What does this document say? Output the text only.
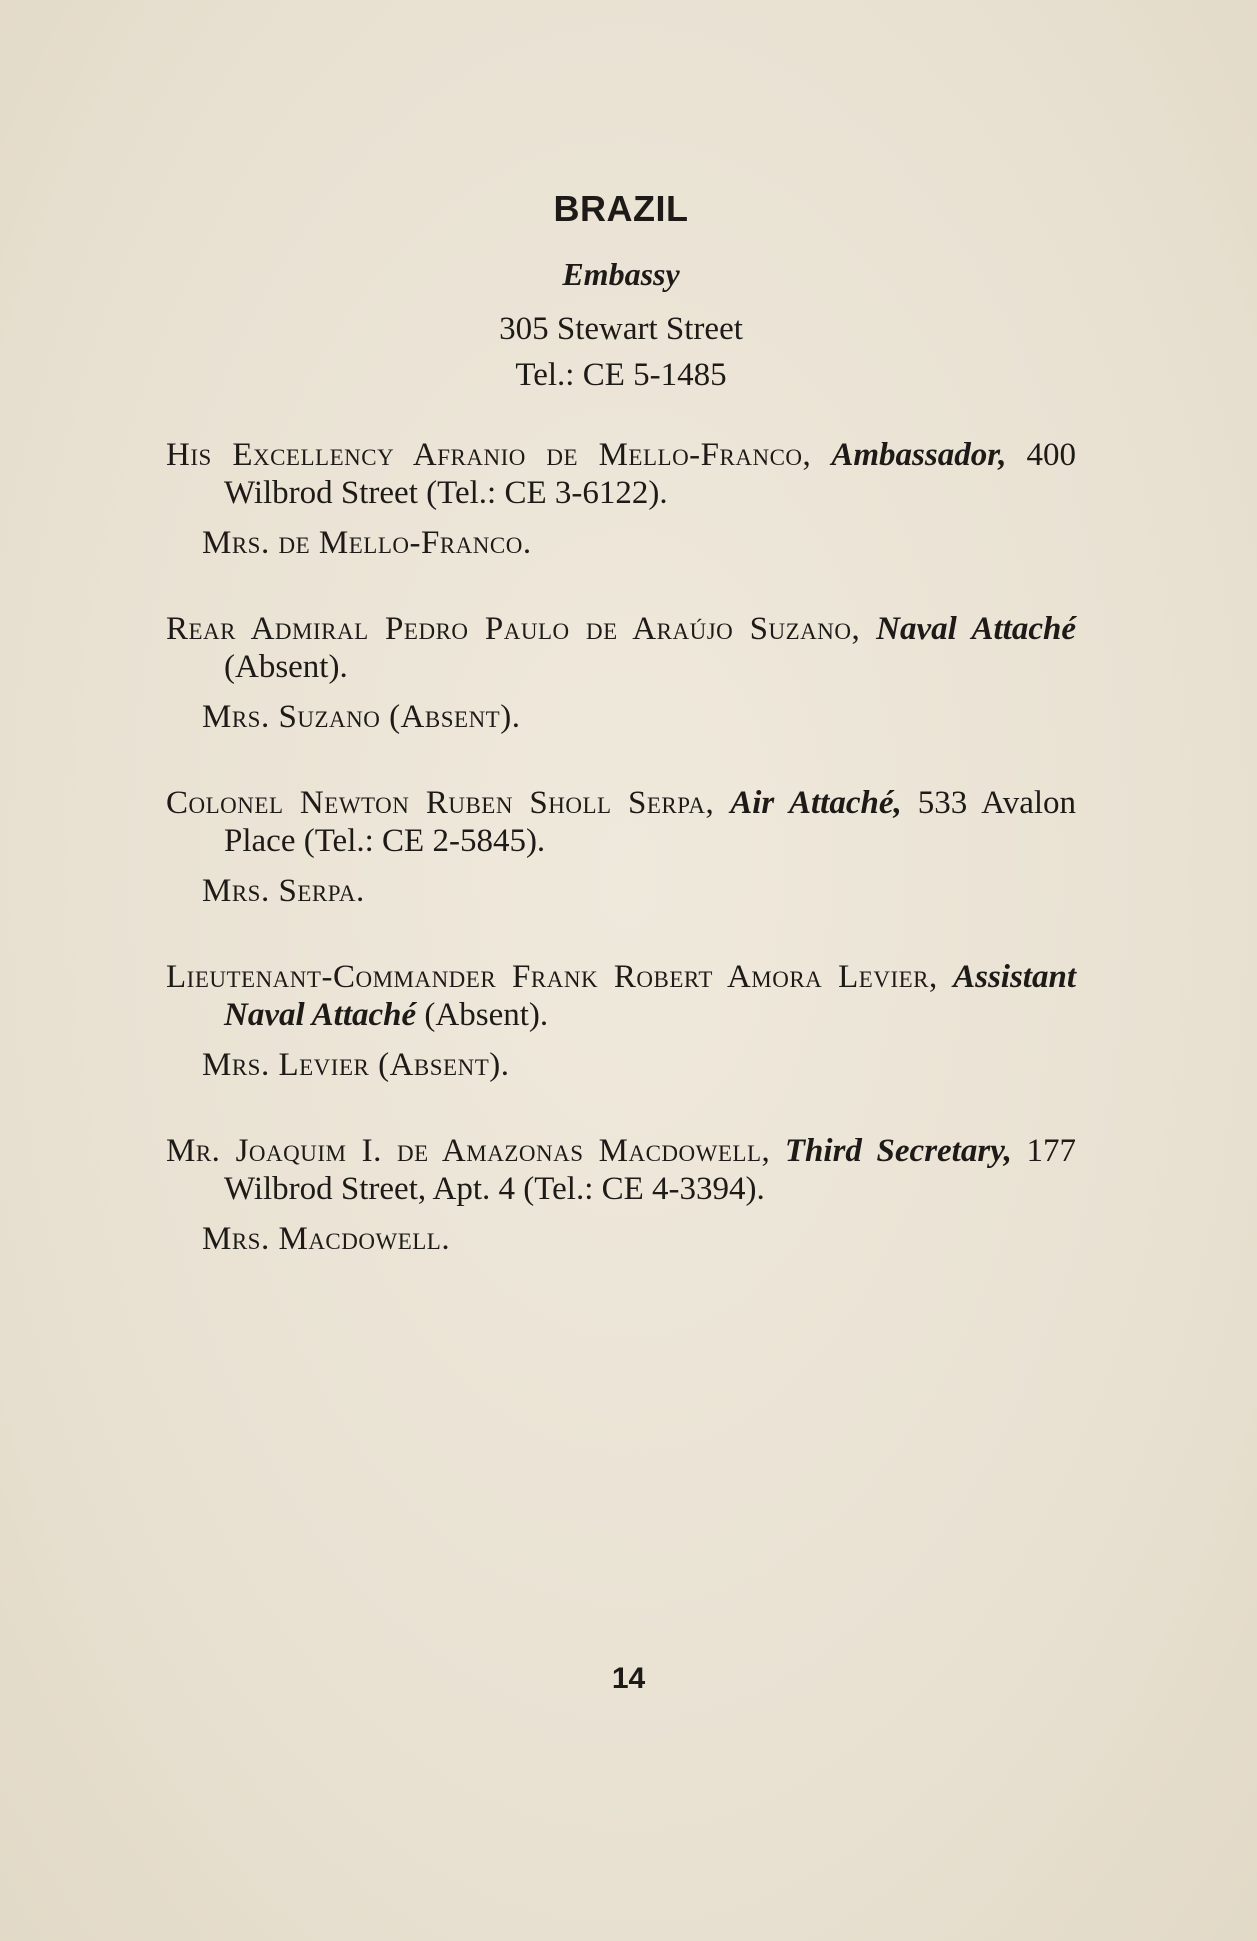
BRAZIL
Embassy

305 Stewart Street

Tel.: CE 5-1485

His Excellency Afranio de Mello-Franco, Ambassador, 400 Wilbrod Street (Tel.: CE 3-6122).

Mrs. de Mello-Franco.

Rear Admiral Pedro Paulo de Araújo Suzano, Naval Attaché (Absent).

Mrs. Suzano (Absent).

Colonel Newton Ruben Sholl Serpa, Air Attaché, 533 Avalon Place (Tel.: CE 2-5845).

Mrs. Serpa.

Lieutenant-Commander Frank Robert Amora Levier, Assistant Naval Attaché (Absent).

Mrs. Levier (Absent).

Mr. Joaquim I. de Amazonas Macdowell, Third Secretary, 177 Wilbrod Street, Apt. 4 (Tel.: CE 4-3394).

Mrs. Macdowell.

14
